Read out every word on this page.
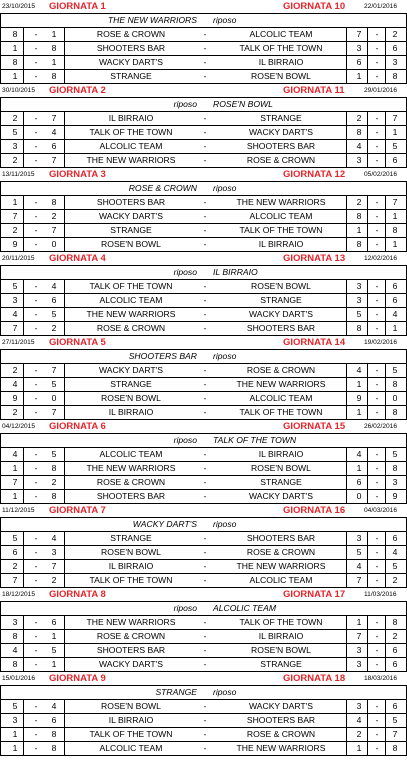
23/10/2015 GIORNATA 1	GIORNATA 10	22/01/2016
THE NEW WARRIORS riposo
8	-	1	ROSE & CROWN	-	ALCOLIC TEAM	7	-	2
1	-	8	SHOOTERS BAR	-	TALK OF THE TOWN	3	-	6
8	-	1	WACKY DART'S	-	IL BIRRAIO	6	-	3
1	-	8	STRANGE	-	ROSE'N BOWL	1	-	8
30/10/2015 GIORNATA 2	GIORNATA 11	29/01/2016
ROSE'N BOWL
riposo
2	-	7	IL BIRRAIO	-	STRANGE	2	-	7
5	-	4	TALK OF THE TOWN	-	WACKY DART'S	8	-	1
3	-	6	ALCOLIC TEAM	-	SHOOTERS BAR	4	-	5
2	-	7	THE NEW WARRIORS	-	ROSE & CROWN	3	-	6
13/11/2015 GIORNATA 3	GIORNATA 12	05/02/2016
ROSE & CROWN riposo
1	-	8	SHOOTERS BAR	-	THE NEW WARRIORS	2	-	7
7	-	2	WACKY DART'S	-	ALCOLIC TEAM	8	-	1
2	-	7	STRANGE	-	TALK OF THE TOWN	1	-	8
9	-	0	ROSE'N BOWL	-	IL BIRRAIO	8	-	1
20/11/2015 GIORNATA 4	GIORNATA 13	12/02/2016
IL BIRRAIO
riposo
5	-	4	TALK OF THE TOWN	-	ROSE'N BOWL	3	-	6
3	-	6	ALCOLIC TEAM	-	STRANGE	3	-	6
4	-	5	THE NEW WARRIORS	-	WACKY DART'S	5	-	4
7	-	2	ROSE & CROWN	-	SHOOTERS BAR	8	-	1
27/11/2015 GIORNATA 5	GIORNATA 14	19/02/2016
SHOOTERS BAR riposo
2	-	7	WACKY DART'S	-	ROSE & CROWN	4	-	5
4	-	5	STRANGE	-	THE NEW WARRIORS	1	-	8
9	-	0	ROSE'N BOWL	-	ALCOLIC TEAM	9	-	0
2	-	7	IL BIRRAIO	-	TALK OF THE TOWN	1	-	8
04/12/2015 GIORNATA 6	GIORNATA 15	26/02/2016
TALK OF THE TOWN
riposo
4	-	5	ALCOLIC TEAM	-	IL BIRRAIO	4	-	5
1	-	8	THE NEW WARRIORS	-	ROSE'N BOWL	1	-	8
7	-	2	ROSE & CROWN	-	STRANGE	6	-	3
1	-	8	SHOOTERS BAR	-	WACKY DART'S	0	-	9
11/12/2015 GIORNATA 7	GIORNATA 16	04/03/2016
WACKY DART'S riposo
5	-	4	STRANGE	-	SHOOTERS BAR	3	-	6
6	-	3	ROSE'N BOWL	-	ROSE & CROWN	5	-	4
2	-	7	IL BIRRAIO	-	THE NEW WARRIORS	4	-	5
7	-	2	TALK OF THE TOWN	-	ALCOLIC TEAM	7	-	2
18/12/2015 GIORNATA 8	GIORNATA 17	11/03/2016
ALCOLIC TEAM
riposo
3	-	6	THE NEW WARRIORS	-	TALK OF THE TOWN	1	-	8
8	-	1	ROSE & CROWN	-	IL BIRRAIO	7	-	2
4	-	5	SHOOTERS BAR	-	ROSE'N BOWL	3	-	6
8	-	1	WACKY DART'S	-	STRANGE	3	-	6
15/01/2016 GIORNATA 9	GIORNATA 18	18/03/2016
STRANGE riposo
5	-	4	ROSE'N BOWL	-	WACKY DART'S	3	-	6
3	-	6	IL BIRRAIO	-	SHOOTERS BAR	4	-	5
1	-	8	TALK OF THE TOWN	-	ROSE & CROWN	2	-	7
1	-	8	ALCOLIC TEAM	-	THE NEW WARRIORS	1	-	8
